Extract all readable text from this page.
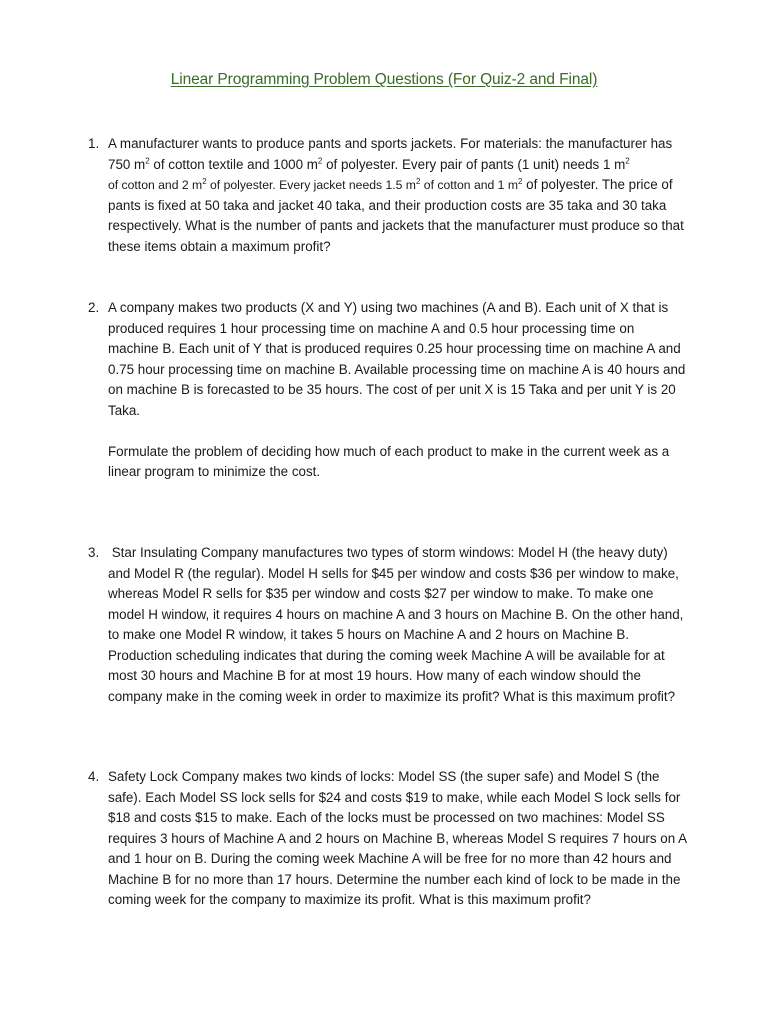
Linear Programming Problem Questions (For Quiz-2 and Final)
1. A manufacturer wants to produce pants and sports jackets. For materials: the manufacturer has 750 $m^2$ of cotton textile and 1000 $m^2$ of polyester. Every pair of pants (1 unit) needs 1 $m^2$
of cotton and 2 $m^2$ of polyester. Every jacket needs 1.5 $m^2$ of cotton and 1 $m^2$ of polyester. The price of pants is fixed at 50 taka and jacket 40 taka, and their production costs are 35 taka and 30 taka respectively. What is the number of pants and jackets that the manufacturer must produce so that these items obtain a maximum profit?

2. A company makes two products (X and Y) using two machines (A and B). Each unit of X that is produced requires 1 hour processing time on machine A and 0.5 hour processing time on machine B. Each unit of Y that is produced requires 0.25 hour processing time on machine A and 0.75 hour processing time on machine B. Available processing time on machine A is 40 hours and on machine B is forecasted to be 35 hours. The cost of per unit X is 15 Taka and per unit Y is 20 Taka.

Formulate the problem of deciding how much of each product to make in the current week as a linear program to minimize the cost.

3. Star Insulating Company manufactures two types of storm windows: Model H (the heavy duty) and Model R (the regular). Model H sells for $45 per window and costs $36 per window to make, whereas Model R sells for $35 per window and costs $27 per window to make. To make one model H window, it requires 4 hours on machine A and 3 hours on Machine B. On the other hand, to make one Model R window, it takes 5 hours on Machine A and 2 hours on Machine B. Production scheduling indicates that during the coming week Machine A will be available for at most 30 hours and Machine B for at most 19 hours. How many of each window should the company make in the coming week in order to maximize its profit? What is this maximum profit?

4. Safety Lock Company makes two kinds of locks: Model SS (the super safe) and Model S (the safe). Each Model SS lock sells for $24 and costs $19 to make, while each Model S lock sells for $18 and costs $15 to make. Each of the locks must be processed on two machines: Model SS requires 3 hours of Machine A and 2 hours on Machine B, whereas Model S requires 7 hours on A and 1 hour on B. During the coming week Machine A will be free for no more than 42 hours and Machine B for no more than 17 hours. Determine the number each kind of lock to be made in the coming week for the company to maximize its profit. What is this maximum profit?
